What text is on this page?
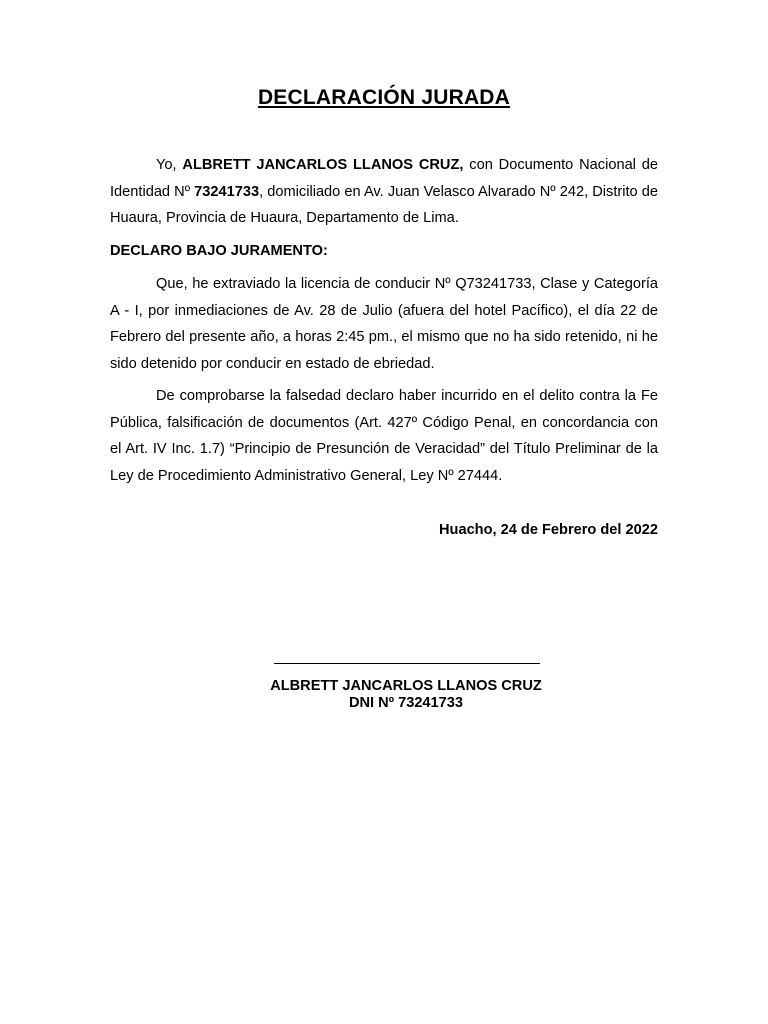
DECLARACIÓN JURADA

Yo, ALBRETT JANCARLOS LLANOS CRUZ, con Documento Nacional de Identidad Nº 73241733, domiciliado en Av. Juan Velasco Alvarado Nº 242, Distrito de Huaura, Provincia de Huaura, Departamento de Lima.

DECLARO BAJO JURAMENTO:

Que, he extraviado la licencia de conducir Nº Q73241733, Clase y Categoría A - I, por inmediaciones de Av. 28 de Julio (afuera del hotel Pacífico), el día 22 de Febrero del presente año, a horas 2:45 pm., el mismo que no ha sido retenido, ni he sido detenido por conducir en estado de ebriedad.

De comprobarse la falsedad declaro haber incurrido en el delito contra la Fe Pública, falsificación de documentos (Art. 427º Código Penal, en concordancia con el Art. IV Inc. 1.7) “Principio de Presunción de Veracidad” del Título Preliminar de la Ley de Procedimiento Administrativo General, Ley Nº 27444.

Huacho, 24 de Febrero del 2022
ALBRETT JANCARLOS LLANOS CRUZ
DNI Nº 73241733
